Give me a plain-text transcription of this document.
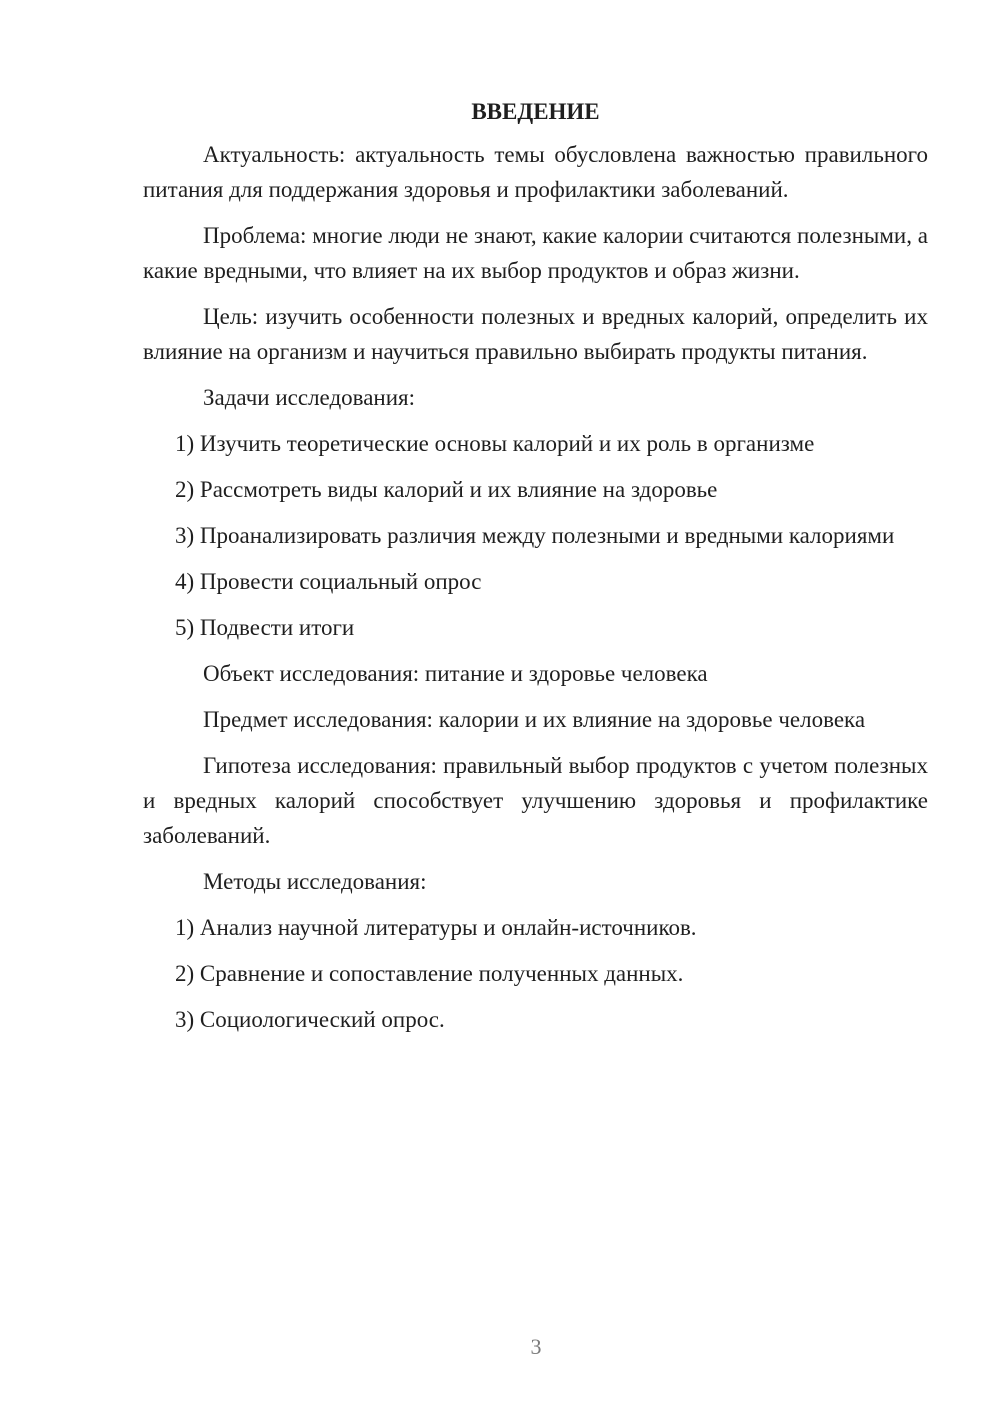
ВВЕДЕНИЕ

Актуальность: актуальность темы обусловлена важностью правильного питания для поддержания здоровья и профилактики заболеваний.

Проблема: многие люди не знают, какие калории считаются полезными, а какие вредными, что влияет на их выбор продуктов и образ жизни.

Цель: изучить особенности полезных и вредных калорий, определить их влияние на организм и научиться правильно выбирать продукты питания.

Задачи исследования:

1) Изучить теоретические основы калорий и их роль в организме

2) Рассмотреть виды калорий и их влияние на здоровье

3) Проанализировать различия между полезными и вредными калориями

4) Провести социальный опрос

5) Подвести итоги

Объект исследования: питание и здоровье человека

Предмет исследования: калории и их влияние на здоровье человека

Гипотеза исследования: правильный выбор продуктов с учетом полезных и вредных калорий способствует улучшению здоровья и профилактике заболеваний.

Методы исследования:

1) Анализ научной литературы и онлайн-источников.

2) Сравнение и сопоставление полученных данных.

3) Социологический опрос.

3
